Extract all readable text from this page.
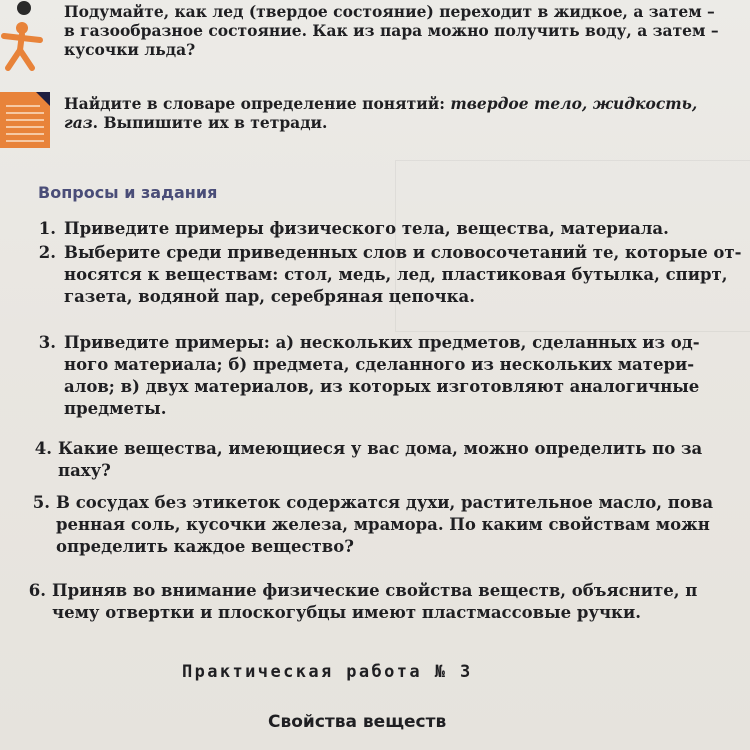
Подумайте, как лед (твердое состояние) переходит в жидкое, а затем –
в газообразное состояние. Как из пара можно получить воду, а затем –
кусочки льда?

Найдите в словаре определение понятий: твердое тело, жидкость,
газ. Выпишите их в тетради.

Вопросы и задания
1. Приведите примеры физического тела, вещества, материала.
2. Выберите среди приведенных слов и словосочетаний те, которые от-
носятся к веществам: стол, медь, лед, пластиковая бутылка, спирт,
газета, водяной пар, серебряная цепочка.
3. Приведите примеры: а) нескольких предметов, сделанных из од-
ного материала; б) предмета, сделанного из нескольких матери-
алов; в) двух материалов, из которых изготовляют аналогичные
предметы.
4. Какие вещества, имеющиеся у вас дома, можно определить по за
паху?
5. В сосудах без этикеток содержатся духи, растительное масло, пова
ренная соль, кусочки железа, мрамора. По каким свойствам можн
определить каждое вещество?
6. Приняв во внимание физические свойства веществ, объясните, п
чему отвертки и плоскогубцы имеют пластмассовые ручки.
Практическая работа № 3
Свойства веществ
